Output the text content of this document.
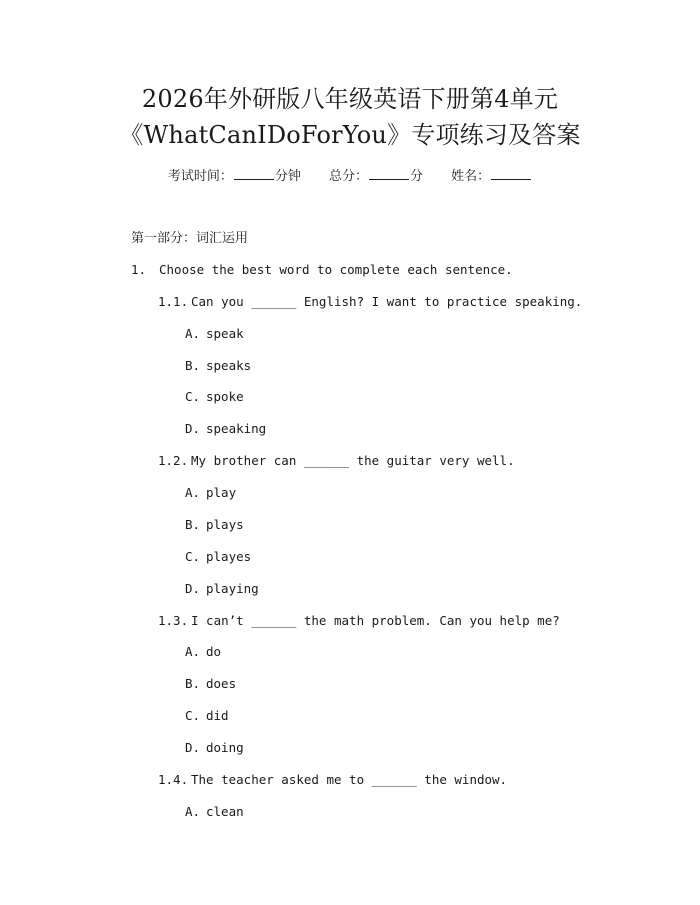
2026年外研版八年级英语下册第4单元
《WhatCanIDoForYou》专项练习及答案
考试时间：	分钟 总分：	分 姓名：
第一部分：词汇运用
1. Choose the best word to complete each sentence.
1.1. Can you ______ English? I want to practice speaking.
A. speak
B. speaks
C. spoke
D. speaking
1.2. My brother can ______ the guitar very well.
A. play
B. plays
C. playes
D. playing
1.3. I can’t ______ the math problem. Can you help me?
A. do
B. does
C. did
D. doing
1.4. The teacher asked me to ______ the window.
A. clean
